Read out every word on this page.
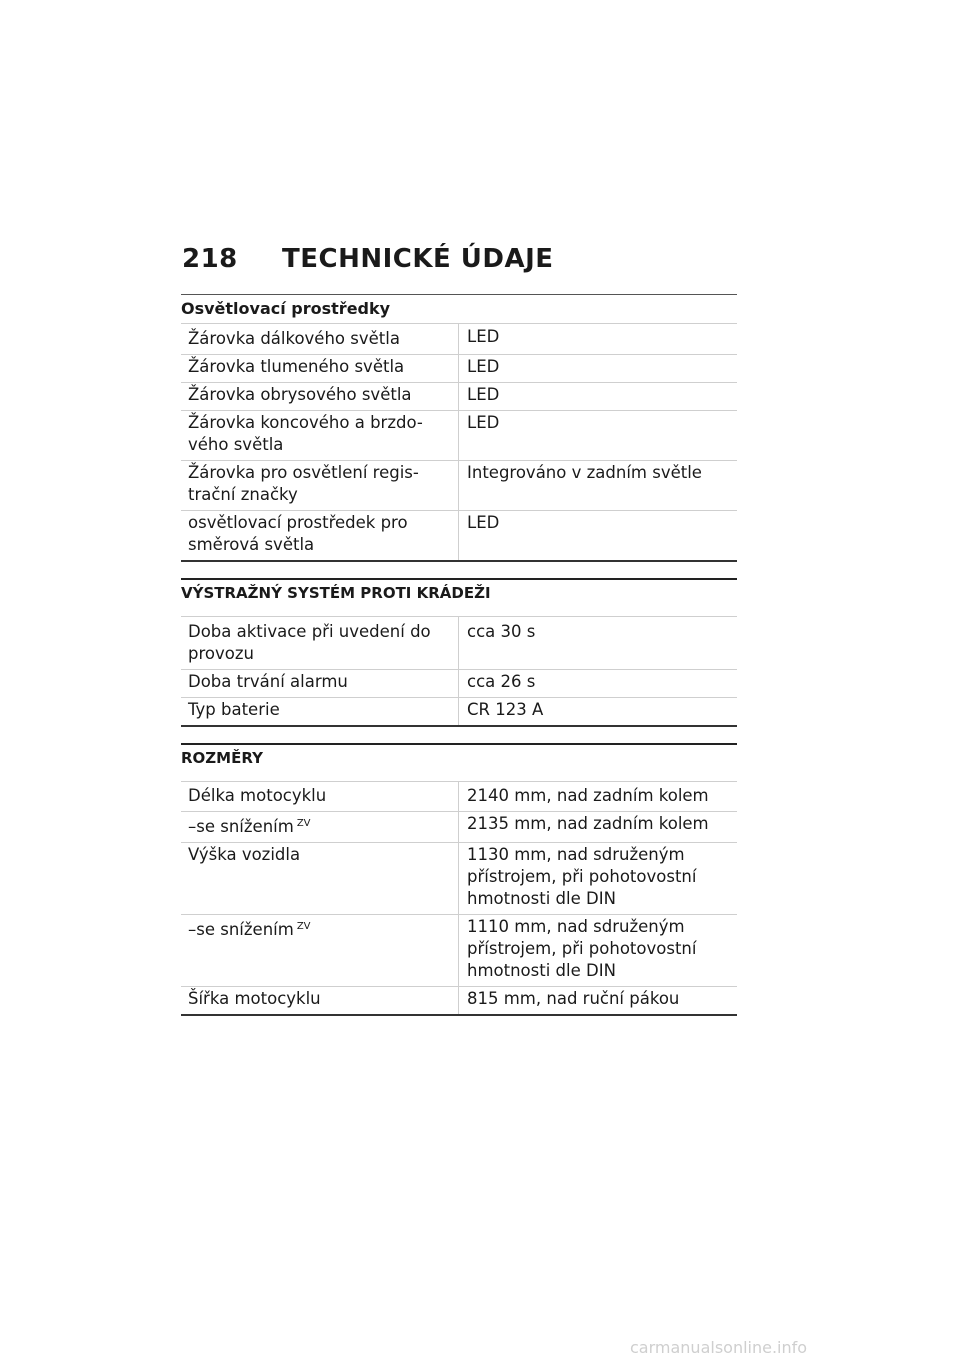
218 TECHNICKÉ ÚDAJE
Osvětlovací prostředky
Žárovka dálkového světla	LED
Žárovka tlumeného světla	LED
Žárovka obrysového světla	LED
Žárovka koncového a brzdo-
vého světla	LED
Žárovka pro osvětlení regis-
trační značky	Integrováno v zadním světle
osvětlovací prostředek pro
směrová světla	LED
VÝSTRAŽNÝ SYSTÉM PROTI KRÁDEŽI
Doba aktivace při uvedení do
provozu	cca 30 s
Doba trvání alarmu	cca 26 s
Typ baterie	CR 123 A
ROZMĚRY
Délka motocyklu	2140 mm, nad zadním kolem
–se snížením $^{ZV}$	2135 mm, nad zadním kolem
Výška vozidla	1130 mm, nad sdruženým
přístrojem, při pohotovostní
hmotnosti dle DIN
–se snížením $^{ZV}$	1110 mm, nad sdruženým
přístrojem, při pohotovostní
hmotnosti dle DIN
Šířka motocyklu	815 mm, nad ruční pákou
carmanualsonline.info
